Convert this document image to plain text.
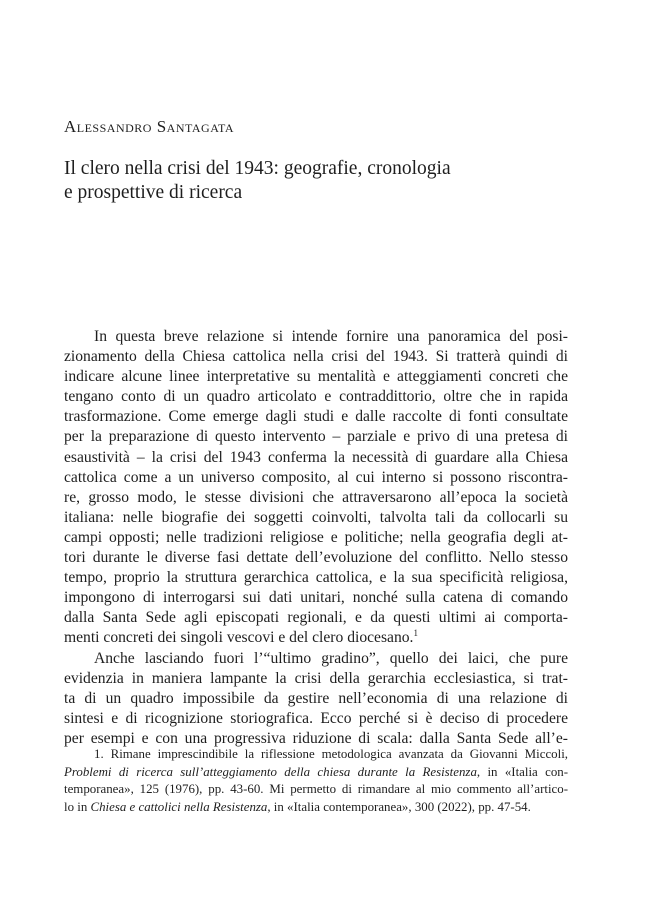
Alessandro Santagata
Il clero nella crisi del 1943: geografie, cronologia
e prospettive di ricerca
In questa breve relazione si intende fornire una panoramica del posi-
zionamento della Chiesa cattolica nella crisi del 1943. Si tratterà quindi di
indicare alcune linee interpretative su mentalità e atteggiamenti concreti che
tengano conto di un quadro articolato e contraddittorio, oltre che in rapida
trasformazione. Come emerge dagli studi e dalle raccolte di fonti consultate
per la preparazione di questo intervento – parziale e privo di una pretesa di
esaustività – la crisi del 1943 conferma la necessità di guardare alla Chiesa
cattolica come a un universo composito, al cui interno si possono riscontra-
re, grosso modo, le stesse divisioni che attraversarono all’epoca la società
italiana: nelle biografie dei soggetti coinvolti, talvolta tali da collocarli su
campi opposti; nelle tradizioni religiose e politiche; nella geografia degli at-
tori durante le diverse fasi dettate dell’evoluzione del conflitto. Nello stesso
tempo, proprio la struttura gerarchica cattolica, e la sua specificità religiosa,
impongono di interrogarsi sui dati unitari, nonché sulla catena di comando
dalla Santa Sede agli episcopati regionali, e da questi ultimi ai comporta-
menti concreti dei singoli vescovi e del clero diocesano.$^1$
Anche lasciando fuori l’“ultimo gradino”, quello dei laici, che pure
evidenzia in maniera lampante la crisi della gerarchia ecclesiastica, si trat-
ta di un quadro impossibile da gestire nell’economia di una relazione di
sintesi e di ricognizione storiografica. Ecco perché si è deciso di procedere
per esempi e con una progressiva riduzione di scala: dalla Santa Sede all’e-
1. Rimane imprescindibile la riflessione metodologica avanzata da Giovanni Miccoli,
Problemi di ricerca sull’atteggiamento della chiesa durante la Resistenza, in «Italia con-
temporanea», 125 (1976), pp. 43-60. Mi permetto di rimandare al mio commento all’artico-
lo in Chiesa e cattolici nella Resistenza, in «Italia contemporanea», 300 (2022), pp. 47-54.
